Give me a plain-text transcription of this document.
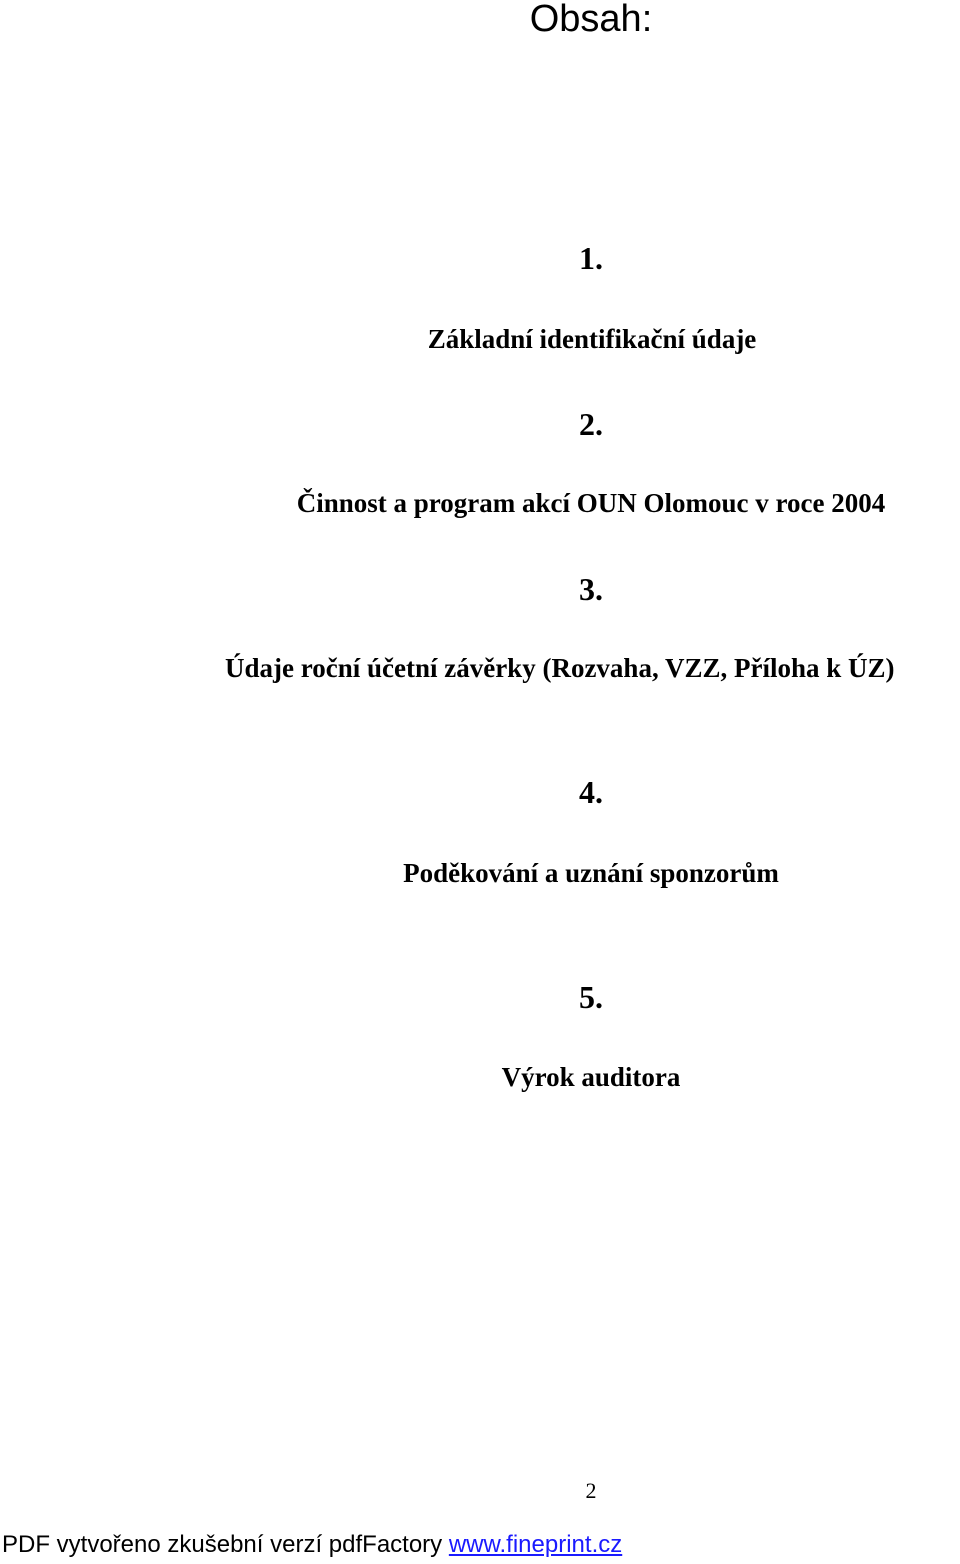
Obsah:
1.
Základní identifikační údaje
2.
Činnost a program akcí OUN Olomouc v roce 2004
3.
Údaje roční účetní závěrky (Rozvaha, VZZ, Příloha k ÚZ)
4.
Poděkování a uznání sponzorům
5.
Výrok auditora
2
PDF vytvořeno zkušební verzí pdfFactory www.fineprint.cz
